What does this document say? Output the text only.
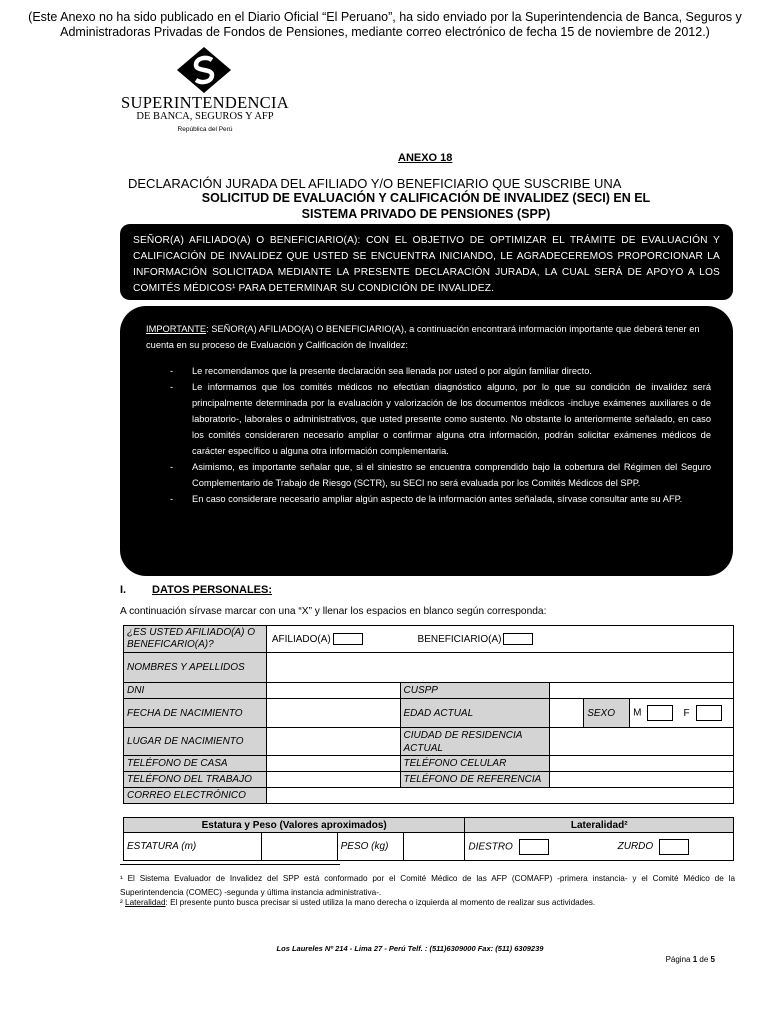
(Este Anexo no ha sido publicado en el Diario Oficial “El Peruano”, ha sido enviado por la Superintendencia de Banca, Seguros y Administradoras Privadas de Fondos de Pensiones, mediante correo electrónico de fecha 15 de noviembre de 2012.)
SUPERINTENDENCIA
DE BANCA, SEGUROS Y AFP
República del Perú
ANEXO 18
DECLARACIÓN JURADA DEL AFILIADO Y/O BENEFICIARIO QUE SUSCRIBE UNA
SOLICITUD DE EVALUACIÓN Y CALIFICACIÓN DE INVALIDEZ (SECI) EN EL
SISTEMA PRIVADO DE PENSIONES (SPP)
SEÑOR(A) AFILIADO(A) O BENEFICIARIO(A): CON EL OBJETIVO DE OPTIMIZAR EL TRÁMITE DE EVALUACIÓN Y CALIFICACIÓN DE INVALIDEZ QUE USTED SE ENCUENTRA INICIANDO, LE AGRADECEREMOS PROPORCIONAR LA INFORMACIÓN SOLICITADA MEDIANTE LA PRESENTE DECLARACIÓN JURADA, LA CUAL SERÁ DE APOYO A LOS COMITÉS MÉDICOS¹ PARA DETERMINAR SU CONDICIÓN DE INVALIDEZ.
IMPORTANTE: SEÑOR(A) AFILIADO(A) O BENEFICIARIO(A), a continuación encontrará información importante que deberá tener en cuenta en su proceso de Evaluación y Calificación de Invalidez:
- Le recomendamos que la presente declaración sea llenada por usted o por algún familiar directo.
- Le informamos que los comités médicos no efectúan diagnóstico alguno, por lo que su condición de invalidez será principalmente determinada por la evaluación y valorización de los documentos médicos -incluye exámenes auxiliares o de laboratorio-, laborales o administrativos, que usted presente como sustento. No obstante lo anteriormente señalado, en caso los comités consideraren necesario ampliar o confirmar alguna otra información, podrán solicitar exámenes médicos de carácter específico u alguna otra información complementaria.
- Asimismo, es importante señalar que, si el siniestro se encuentra comprendido bajo la cobertura del Régimen del Seguro Complementario de Trabajo de Riesgo (SCTR), su SECI no será evaluada por los Comités Médicos del SPP.
- En caso considerare necesario ampliar algún aspecto de la información antes señalada, sírvase consultar ante su AFP.
I. DATOS PERSONALES:
A continuación sírvase marcar con una “X” y llenar los espacios en blanco según corresponda:
¿ES USTED AFILIADO(A) O BENEFICARIO(A)?	AFILIADO(A) BENEFICIARIO(A)				
NOMBRES Y APELLIDOS					
DNI		CUSPP			
FECHA DE NACIMIENTO		EDAD ACTUAL		SEXO	M F
LUGAR DE NACIMIENTO		CIUDAD DE RESIDENCIA ACTUAL			
TELÉFONO DE CASA		TELÉFONO CELULAR			
TELÉFONO DEL TRABAJO		TELÉFONO DE REFERENCIA			
CORREO ELECTRÓNICO					
Estatura y Peso (Valores aproximados)				Lateralidad²
ESTATURA (m)		PESO (kg)		DIESTRO ZURDO
¹ El Sistema Evaluador de Invalidez del SPP está conformado por el Comité Médico de las AFP (COMAFP) -primera instancia- y el Comité Médico de la Superintendencia (COMEC) -segunda y última instancia administrativa-.
² Lateralidad: El presente punto busca precisar si usted utiliza la mano derecha o izquierda al momento de realizar sus actividades.
Los Laureles Nº 214 - Lima 27 - Perú Telf. : (511)6309000 Fax: (511) 6309239
Página 1 de 5
